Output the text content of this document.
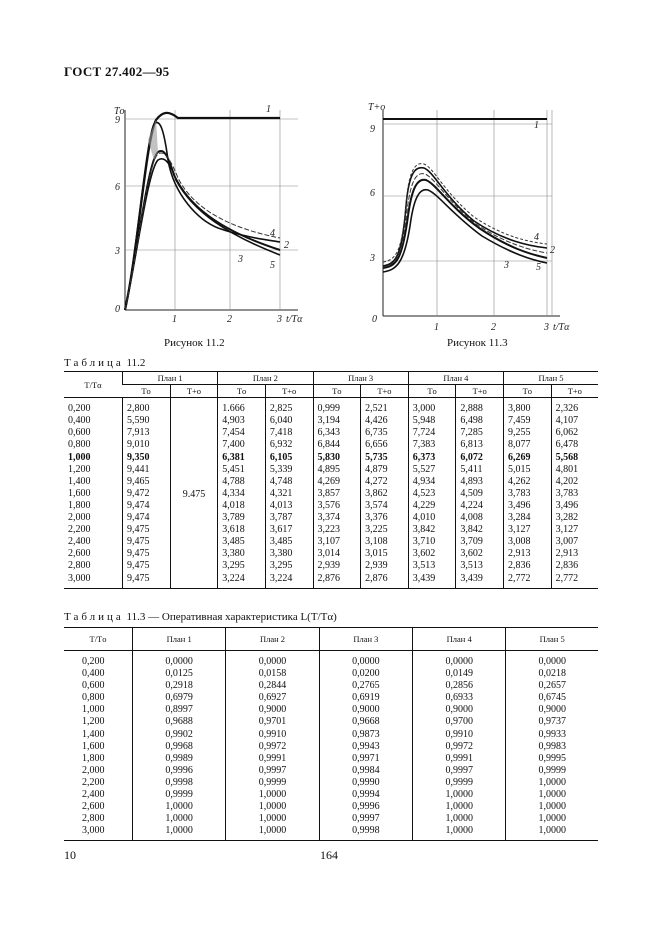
ГОСТ 27.402—95
Tо
9
6
3
0
1	2	3 t/Tα
1
2
3
4
5
Рисунок 11.2
T+о
9
6
3
0
1	2	3 t/Tα
1
2
3
4
5
Рисунок 11.3
Таблица 11.2
T/Tα	План 1		План 2		План 3		План 4		План 5	
	Tо	T+о	Tо	T+о	Tо	T+о	Tо	T+о	Tо	T+о
0,200	2,800	9.475	1.666	2,825	0,999	2,521	3,000	2,888	3,800	2,326
0,400	5,590		4,903	6,040	3,194	4,426	5,948	6,498	7,459	4,107
0,600	7,913		7,454	7,418	6,343	6,735	7,724	7,285	9,255	6,062
0,800	9,010		7,400	6,932	6,844	6,656	7,383	6,813	8,077	6,478
1,000	9,350		6,381	6,105	5,830	5,735	6,373	6,072	6,269	5,568
1,200	9,441		5,451	5,339	4,895	4,879	5,527	5,411	5,015	4,801
1,400	9,465		4,788	4,748	4,269	4,272	4,934	4,893	4,262	4,202
1,600	9,472		4,334	4,321	3,857	3,862	4,523	4,509	3,783	3,783
1,800	9,474		4,018	4,013	3,576	3,574	4,229	4,224	3,496	3,496
2,000	9,474		3,789	3,787	3,374	3,376	4,010	4,008	3,284	3,282
2,200	9,475		3,618	3,617	3,223	3,225	3,842	3,842	3,127	3,127
2,400	9,475		3,485	3,485	3,107	3,108	3,710	3,709	3,008	3,007
2,600	9,475		3,380	3,380	3,014	3,015	3,602	3,602	2,913	2,913
2,800	9,475		3,295	3,295	2,939	2,939	3,513	3,513	2,836	2,836
3,000	9,475		3,224	3,224	2,876	2,876	3,439	3,439	2,772	2,772
Таблица 11.3 — Оперативная характеристика L(T/Tα)
T/Tо	План 1	План 2	План 3	План 4	План 5
0,200	0,0000	0,0000	0,0000	0,0000	0,0000
0,400	0,0125	0,0158	0,0200	0,0149	0,0218
0,600	0,2918	0,2844	0,2765	0,2856	0,2657
0,800	0,6979	0,6927	0,6919	0,6933	0,6745
1,000	0,8997	0,9000	0,9000	0,9000	0,9000
1,200	0,9688	0,9701	0,9668	0,9700	0,9737
1,400	0,9902	0,9910	0,9873	0,9910	0,9933
1,600	0,9968	0,9972	0,9943	0,9972	0,9983
1,800	0,9989	0,9991	0,9971	0,9991	0,9995
2,000	0,9996	0,9997	0,9984	0,9997	0,9999
2,200	0,9998	0,9999	0,9990	0,9999	1,0000
2,400	0,9999	1,0000	0,9994	1,0000	1,0000
2,600	1,0000	1,0000	0,9996	1,0000	1,0000
2,800	1,0000	1,0000	0,9997	1,0000	1,0000
3,000	1,0000	1,0000	0,9998	1,0000	1,0000
10	164
